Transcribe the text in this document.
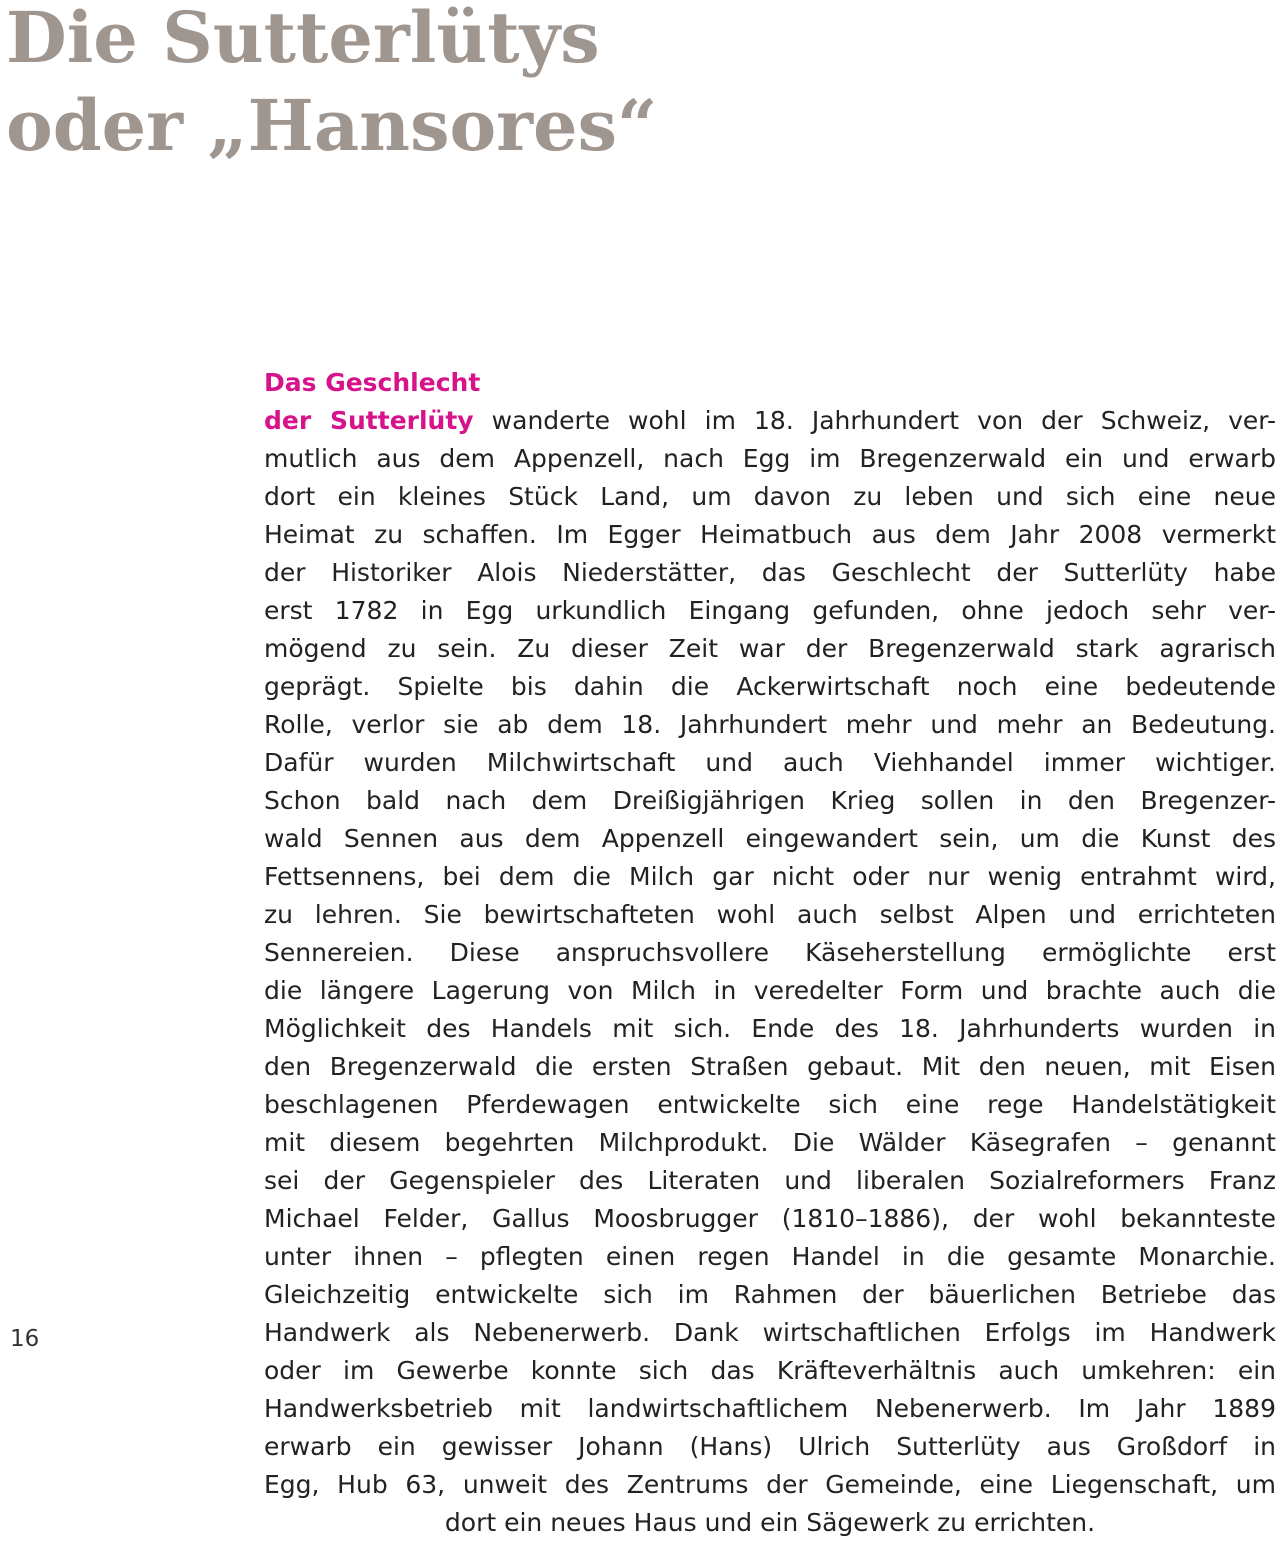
Die Sutterlütys
oder „Hansores“
Das Geschlecht
der Sutterlüty wanderte wohl im 18. Jahrhundert von der Schweiz, ver-
mutlich aus dem Appenzell, nach Egg im Bregenzerwald ein und erwarb
dort ein kleines Stück Land, um davon zu leben und sich eine neue
Heimat zu schaffen. Im Egger Heimatbuch aus dem Jahr 2008 vermerkt
der Historiker Alois Niederstätter, das Geschlecht der Sutterlüty habe
erst 1782 in Egg urkundlich Eingang gefunden, ohne jedoch sehr ver-
mögend zu sein. Zu dieser Zeit war der Bregenzerwald stark agrarisch
geprägt. Spielte bis dahin die Ackerwirtschaft noch eine bedeutende
Rolle, verlor sie ab dem 18. Jahrhundert mehr und mehr an Bedeutung.
Dafür wurden Milchwirtschaft und auch Viehhandel immer wichtiger.
Schon bald nach dem Dreißigjährigen Krieg sollen in den Bregenzer-
wald Sennen aus dem Appenzell eingewandert sein, um die Kunst des
Fettsennens, bei dem die Milch gar nicht oder nur wenig entrahmt wird,
zu lehren. Sie bewirtschafteten wohl auch selbst Alpen und errichteten
Sennereien. Diese anspruchsvollere Käseherstellung ermöglichte erst
die längere Lagerung von Milch in veredelter Form und brachte auch die
Möglichkeit des Handels mit sich. Ende des 18. Jahrhunderts wurden in
den Bregenzerwald die ersten Straßen gebaut. Mit den neuen, mit Eisen
beschlagenen Pferdewagen entwickelte sich eine rege Handelstätigkeit
mit diesem begehrten Milchprodukt. Die Wälder Käsegrafen – genannt
sei der Gegenspieler des Literaten und liberalen Sozialreformers Franz
Michael Felder, Gallus Moosbrugger (1810–1886), der wohl bekannteste
unter ihnen – pflegten einen regen Handel in die gesamte Monarchie.
Gleichzeitig entwickelte sich im Rahmen der bäuerlichen Betriebe das
Handwerk als Nebenerwerb. Dank wirtschaftlichen Erfolgs im Handwerk
oder im Gewerbe konnte sich das Kräfteverhältnis auch umkehren: ein
Handwerksbetrieb mit landwirtschaftlichem Nebenerwerb. Im Jahr 1889
erwarb ein gewisser Johann (Hans) Ulrich Sutterlüty aus Großdorf in
Egg, Hub 63, unweit des Zentrums der Gemeinde, eine Liegenschaft, um
dort ein neues Haus und ein Sägewerk zu errichten.
16
